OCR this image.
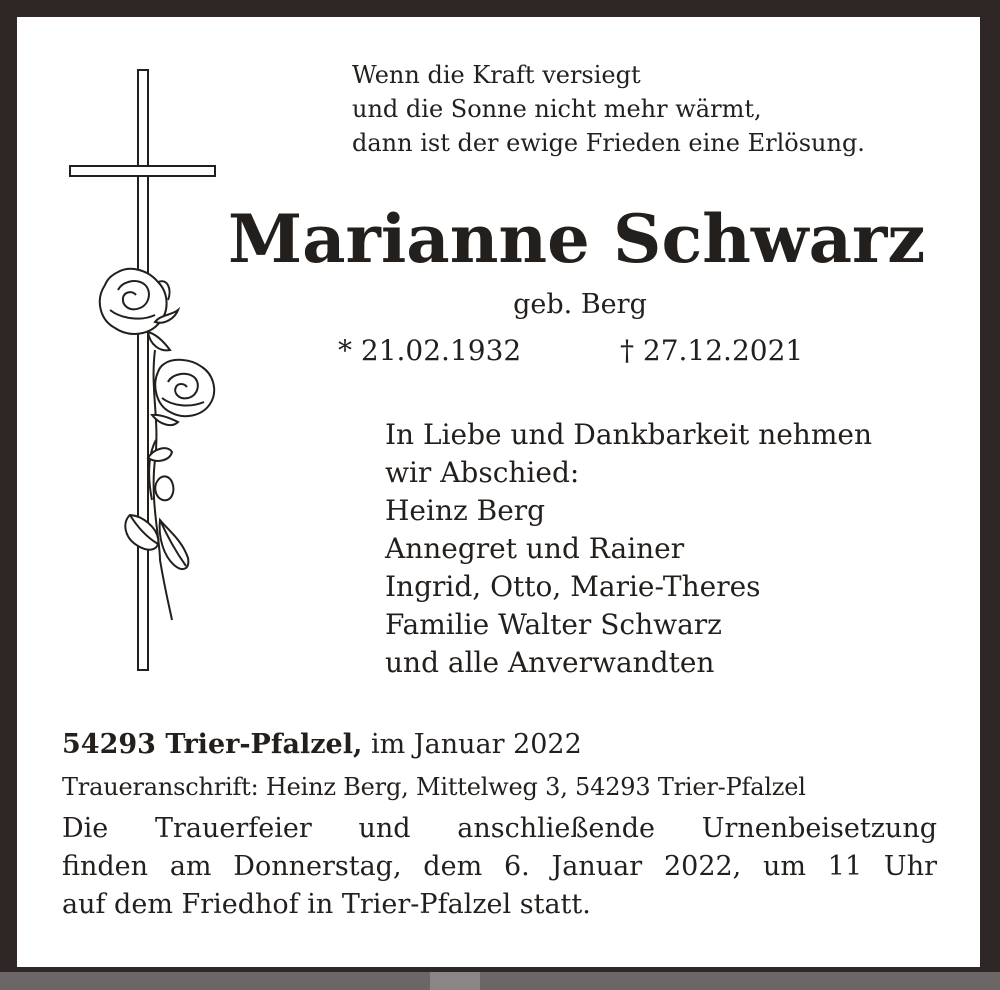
Wenn die Kraft versiegt
und die Sonne nicht mehr wärmt,
dann ist der ewige Frieden eine Erlösung.
Marianne Schwarz
geb. Berg
* 21.02.1932	† 27.12.2021
In Liebe und Dankbarkeit nehmen
wir Abschied:
Heinz Berg
Annegret und Rainer
Ingrid, Otto, Marie-Theres
Familie Walter Schwarz
und alle Anverwandten
54293 Trier-Pfalzel, im Januar 2022
Traueranschrift: Heinz Berg, Mittelweg 3, 54293 Trier-Pfalzel
Die Trauerfeier und anschließende Urnenbeisetzung
finden am Donnerstag, dem 6. Januar 2022, um 11 Uhr
auf dem Friedhof in Trier-Pfalzel statt.
